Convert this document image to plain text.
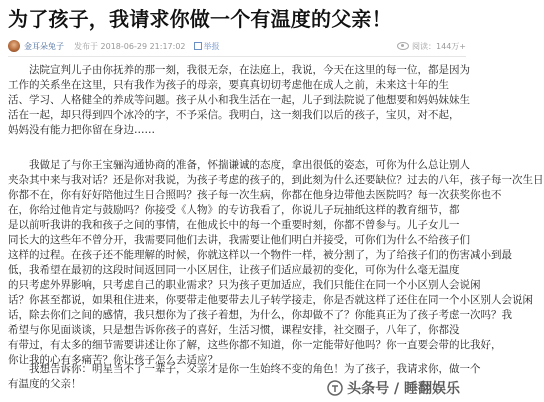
为了孩子，我请求你做一个有温度的父亲！
金耳朵兔子 发布于 2018-06-29 21:17:02 举报	阅读：144万+
法院宣判儿子由你抚养的那一刻，我很无奈，在法庭上，我说，今天在这里的每一位，都是因为
工作的关系坐在这里，只有我作为孩子的母亲，要真真切切考虑他在成人之前，未来这十年的生
活、学习、人格健全的养成等问题。孩子从小和我生活在一起，儿子到法院说了他想要和妈妈妹妹生
活在一起，却只得到四个冰冷的字，不予采信。我明白，这一刻我们以后的孩子，宝贝，对不起，
妈妈没有能力把你留在身边……
我做足了与你王宝骊沟通协商的准备，怀揣谦诚的态度，拿出很低的姿态，可你为什么总让别人
夹杂其中来与我对话？还是你对我说，为孩子考虑的孩子的，到此刻为什么还要缺位？过去的八年，孩子每一次生日
你都不在，你有好好陪他过生日合照吗？孩子每一次生病，你都在他身边带他去医院吗？每一次获奖你也不
在，你给过他肯定与鼓励吗？你接受《人物》的专访我看了，你说儿子玩抽纸这样的教育细节，都
是以前听我讲的我和孩子之间的事情，在他成长中的每一个重要时刻，你都不曾参与。儿子女儿一
同长大的这些年不曾分开，我需要同他们去讲，我需要让他们明白并接受，可你们为什么不给孩子们
这样的过程。在孩子还不能理解的时候，你就这样以一个物件一样，被分割了，为了给孩子们的伤害减小到最
低，我希望在最初的这段时间返回同一小区居住，让孩子们适应最初的变化，可你为什么毫无温度
的只考虑外界影响，只考虑自己的职业需求？只为孩子更加适应，我们只能住在同一个小区别人会说闲
话？你甚至都说，如果租住进来，你要带走他要带去儿子转学接走，你是否就这样了还住在同一个小区别人会说闲
话，除去你们之间的感情，我只想你为了孩子着想，为什么，你却做不了？你能真正为了孩子考虑一次吗？我
希望与你见面谈谈，只是想告诉你孩子的喜好，生活习惯，课程安排，社交圈子，八年了，你都没
有带过，有太多的细节需要讲述让你了解，这些你都不知道，你一定能带好他吗？你一直要会带的比我好，
你让我的心有多痛苦？你让孩子怎么去适应？
我想告诉你：明星当不了一辈子，父亲才是你一生始终不变的角色！为了孩子，我请求你，做一个
有温度的父亲！	头条号 / 睡翻娱乐
